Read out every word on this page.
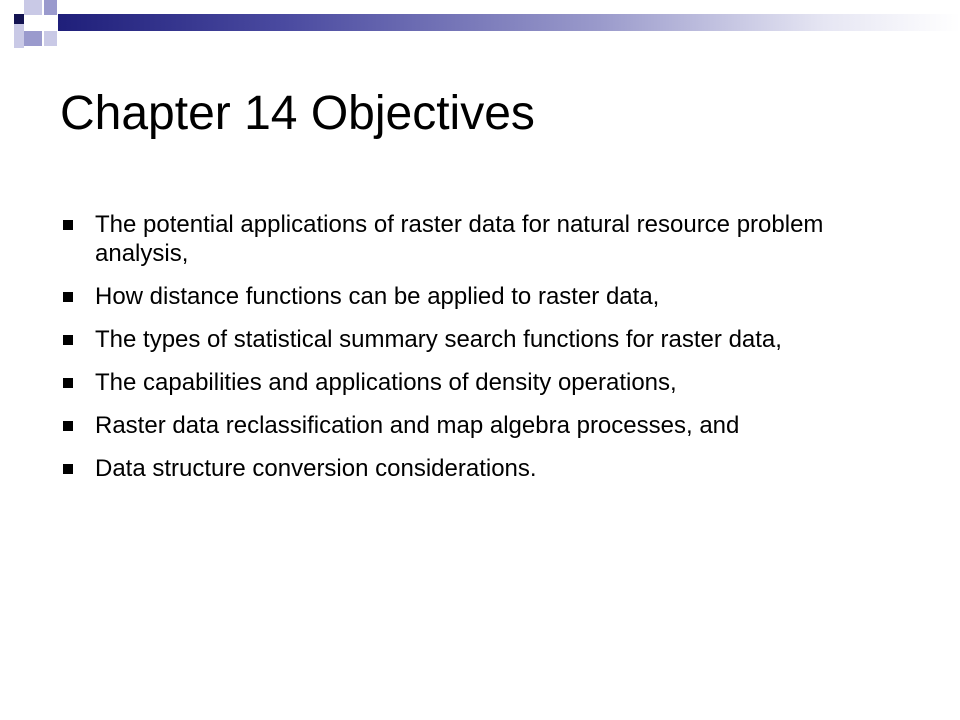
Chapter 14 Objectives
The potential applications of raster data for natural resource problem analysis,
How distance functions can be applied to raster data,
The types of statistical summary search functions for raster data,
The capabilities and applications of density operations,
Raster data reclassification and map algebra processes, and
Data structure conversion considerations.
